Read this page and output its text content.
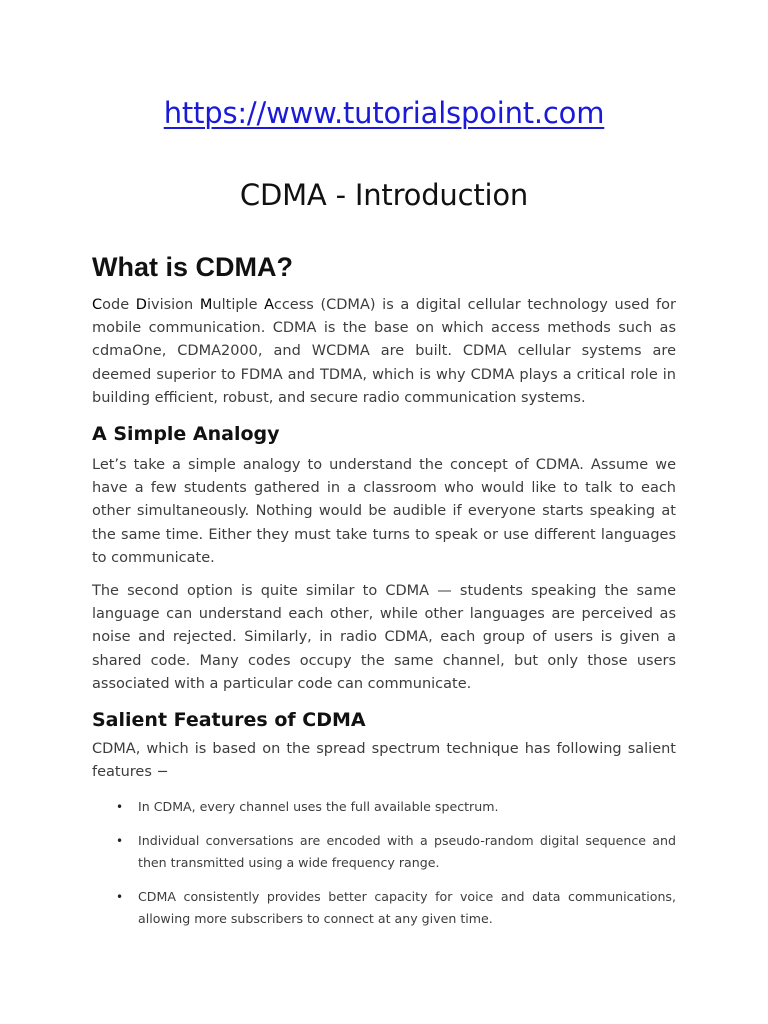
https://www.tutorialspoint.com
CDMA - Introduction
What is CDMA?

Code Division Multiple Access (CDMA) is a digital cellular technology used for mobile communication. CDMA is the base on which access methods such as cdmaOne, CDMA2000, and WCDMA are built. CDMA cellular systems are deemed superior to FDMA and TDMA, which is why CDMA plays a critical role in building efficient, robust, and secure radio communication systems.

A Simple Analogy

Let’s take a simple analogy to understand the concept of CDMA. Assume we have a few students gathered in a classroom who would like to talk to each other simultaneously. Nothing would be audible if everyone starts speaking at the same time. Either they must take turns to speak or use different languages to communicate.

The second option is quite similar to CDMA — students speaking the same language can understand each other, while other languages are perceived as noise and rejected. Similarly, in radio CDMA, each group of users is given a shared code. Many codes occupy the same channel, but only those users associated with a particular code can communicate.

Salient Features of CDMA

CDMA, which is based on the spread spectrum technique has following salient features −

• In CDMA, every channel uses the full available spectrum.
• Individual conversations are encoded with a pseudo-random digital sequence and then transmitted using a wide frequency range.
• CDMA consistently provides better capacity for voice and data communications, allowing more subscribers to connect at any given time.
